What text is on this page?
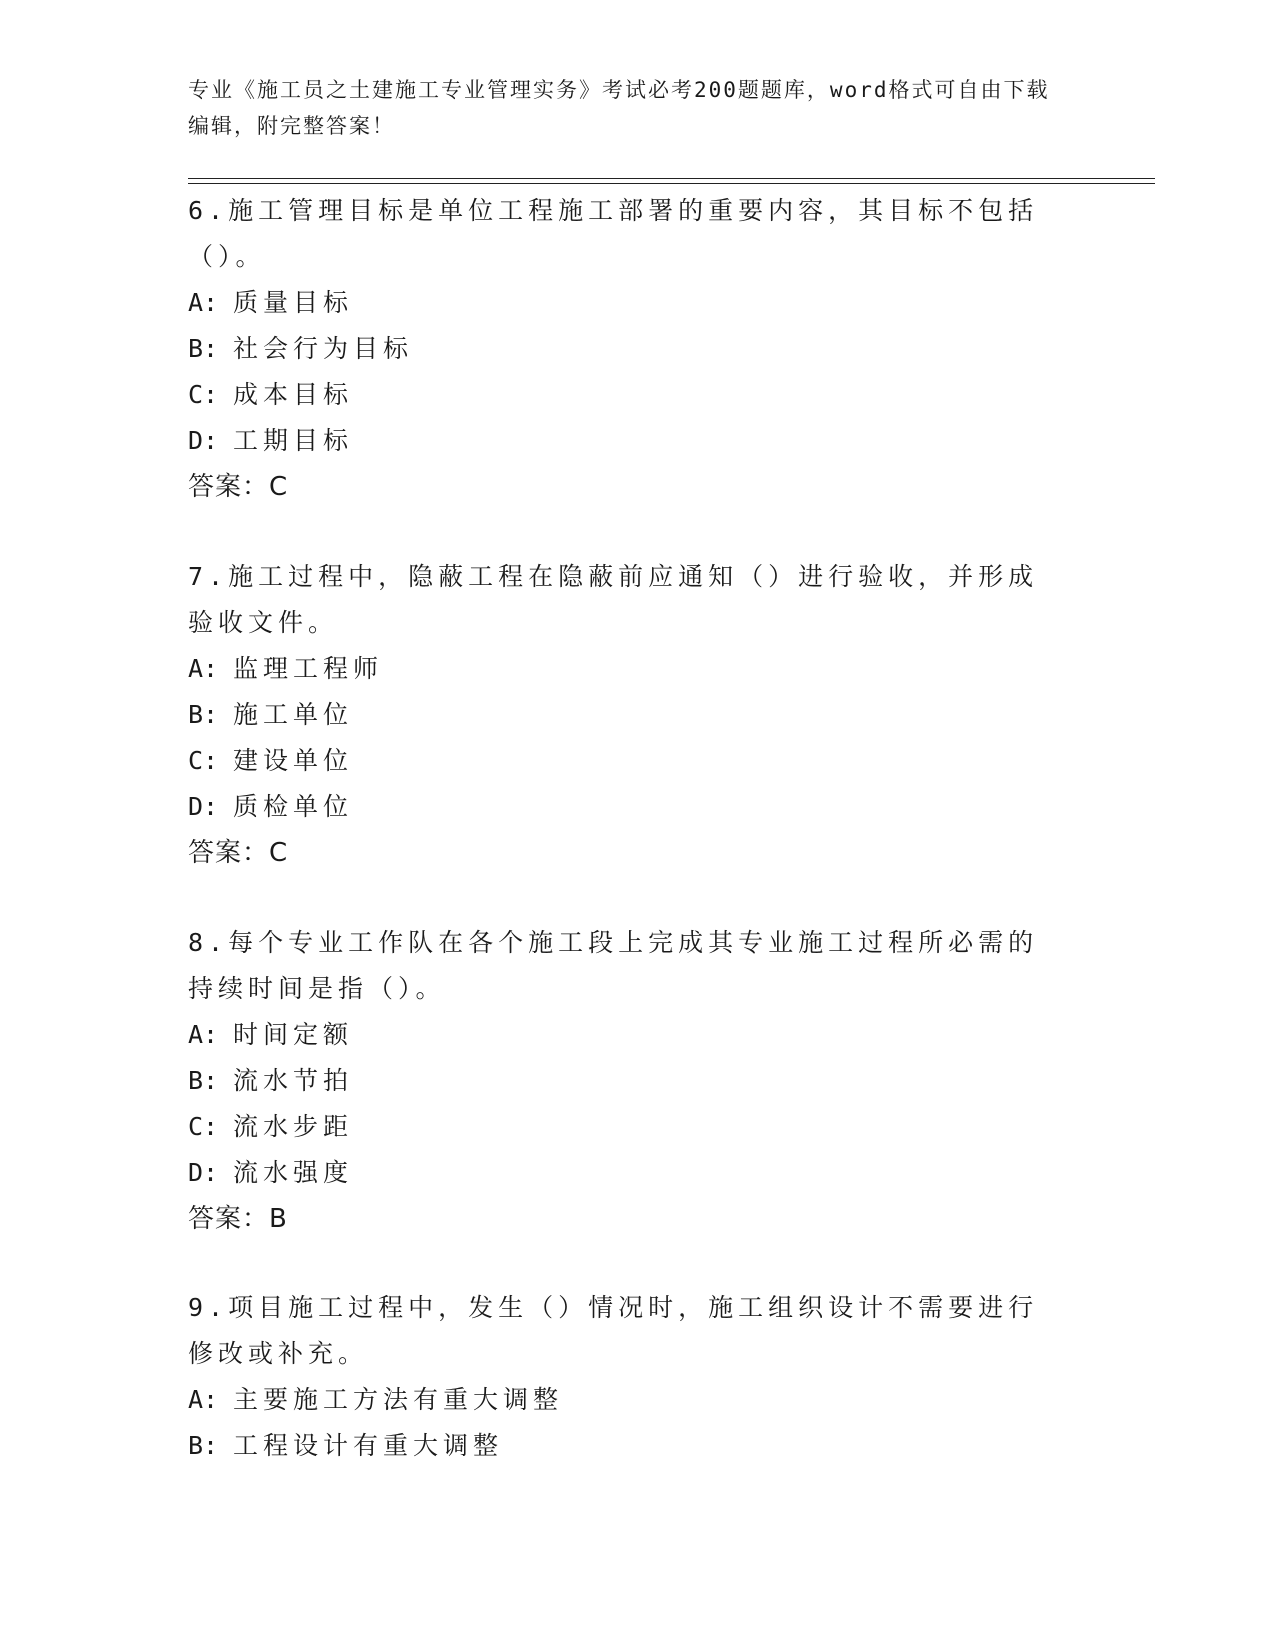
专业《施工员之土建施工专业管理实务》考试必考200题题库，word格式可自由下载编辑，附完整答案！
6.施工管理目标是单位工程施工部署的重要内容，其目标不包括（）。
A: 质量目标
B: 社会行为目标
C: 成本目标
D: 工期目标
答案：C
7.施工过程中，隐蔽工程在隐蔽前应通知（）进行验收，并形成验收文件。
A: 监理工程师
B: 施工单位
C: 建设单位
D: 质检单位
答案：C
8.每个专业工作队在各个施工段上完成其专业施工过程所必需的持续时间是指（）。
A: 时间定额
B: 流水节拍
C: 流水步距
D: 流水强度
答案：B
9.项目施工过程中，发生（）情况时，施工组织设计不需要进行修改或补充。
A: 主要施工方法有重大调整
B: 工程设计有重大调整
